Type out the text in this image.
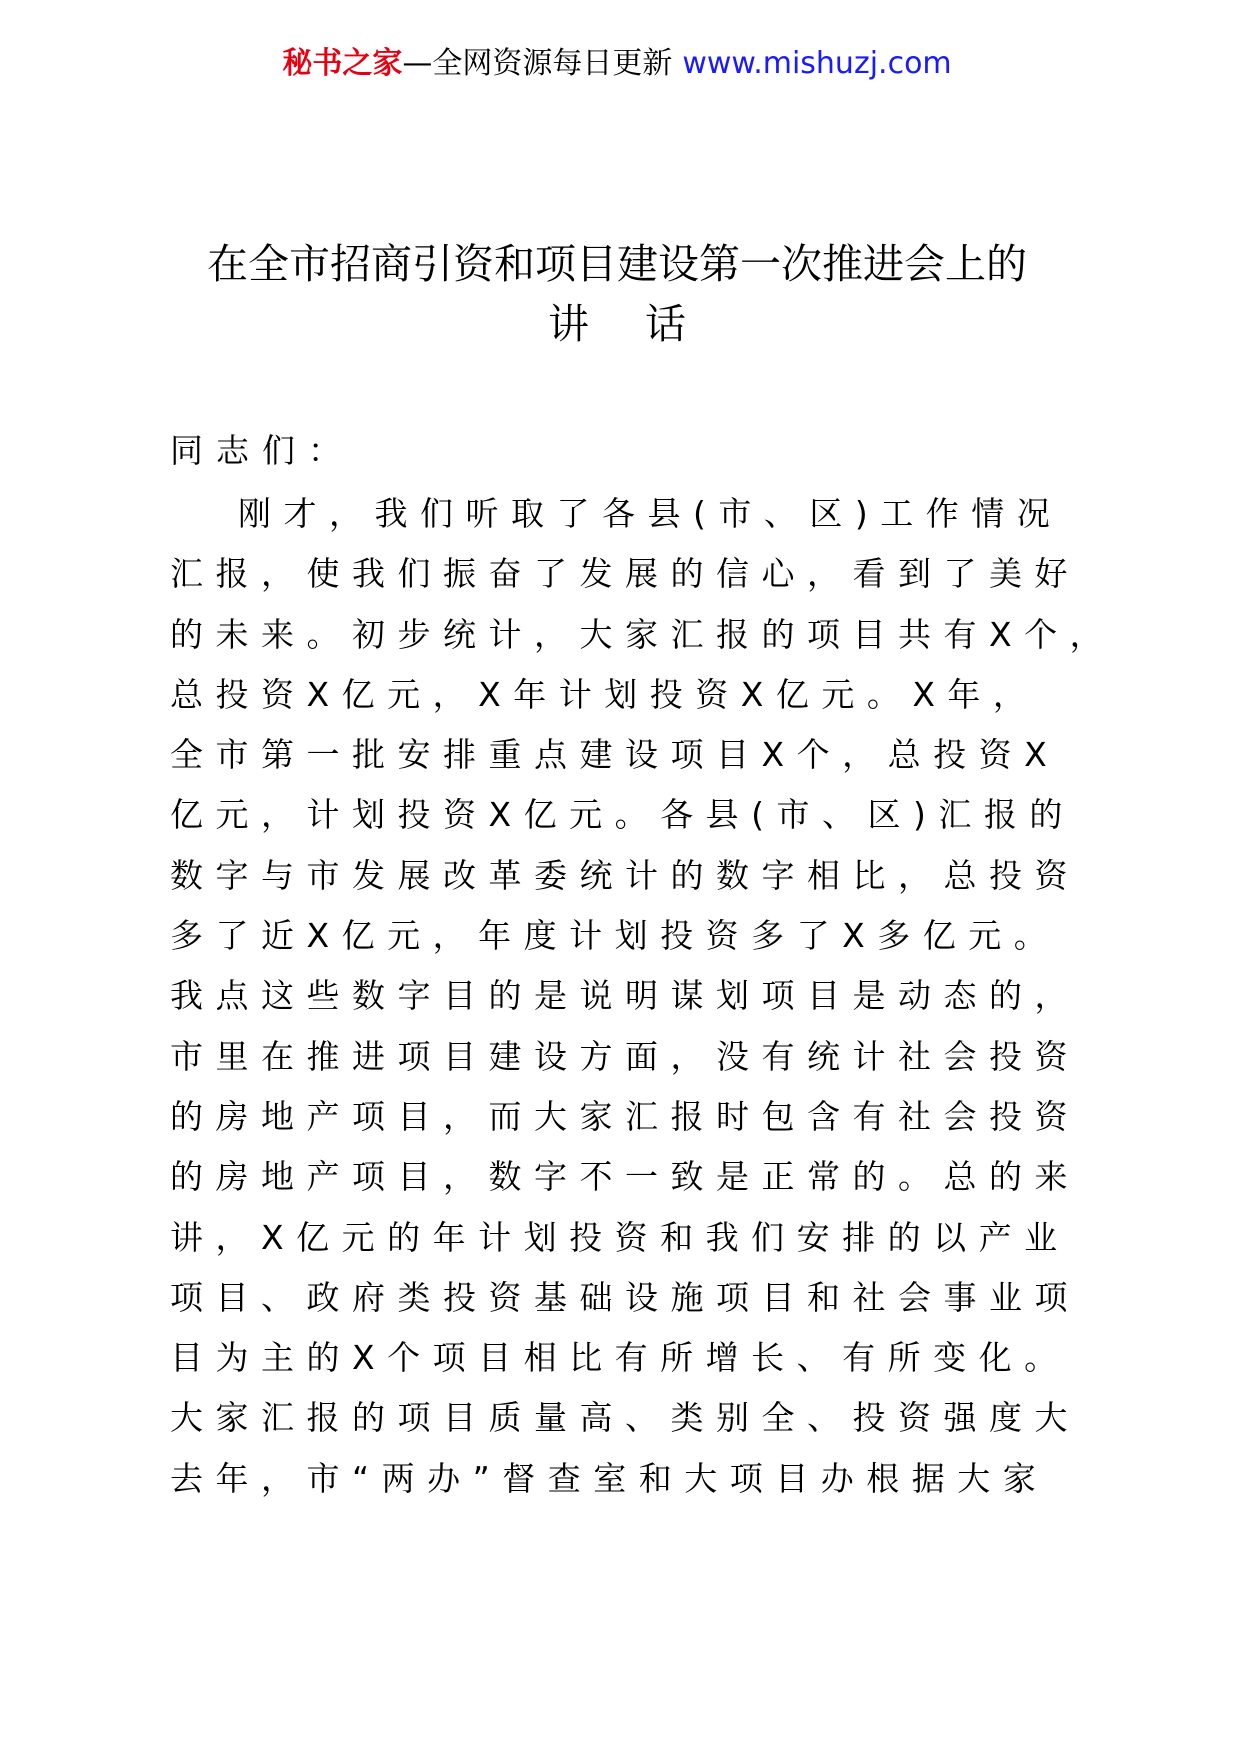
秘书之家—全网资源每日更新 www.mishuzj.com
在全市招商引资和项目建设第一次推进会上的
讲话
同志们：
刚才，我们听取了各县(市、区)工作情况
汇报，使我们振奋了发展的信心，看到了美好
的未来。初步统计，大家汇报的项目共有X个，
总投资X亿元，X年计划投资X亿元。X年，
全市第一批安排重点建设项目X个，总投资X
亿元，计划投资X亿元。各县(市、区)汇报的
数字与市发展改革委统计的数字相比，总投资
多了近X亿元，年度计划投资多了X多亿元。
我点这些数字目的是说明谋划项目是动态的，
市里在推进项目建设方面，没有统计社会投资
的房地产项目，而大家汇报时包含有社会投资
的房地产项目，数字不一致是正常的。总的来
讲，X亿元的年计划投资和我们安排的以产业
项目、政府类投资基础设施项目和社会事业项
目为主的X个项目相比有所增长、有所变化。
大家汇报的项目质量高、类别全、投资强度大
去年，市“两办”督查室和大项目办根据大家
